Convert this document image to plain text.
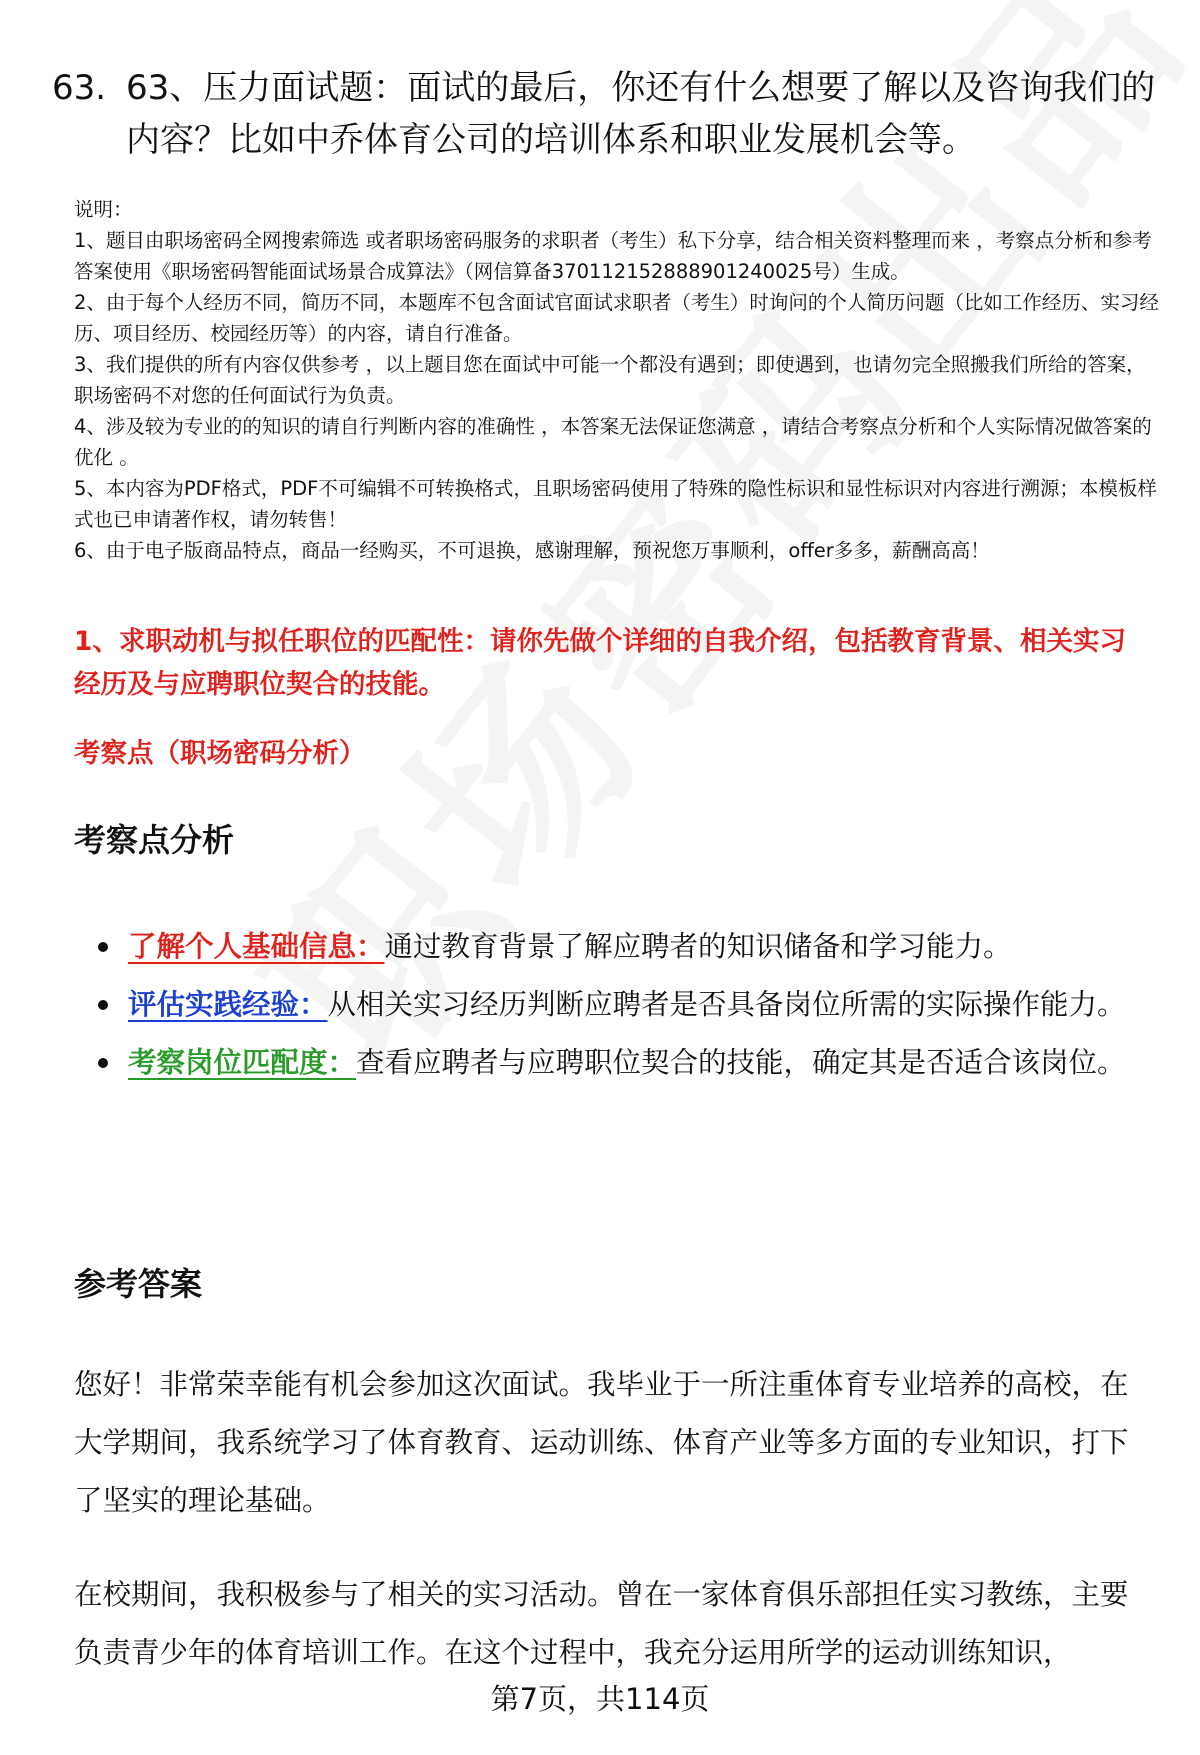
63. 63、压力面试题：面试的最后，你还有什么想要了解以及咨询我们的内容？比如中乔体育公司的培训体系和职业发展机会等。

说明：

1、题目由职场密码全网搜索筛选 或者职场密码服务的求职者（考生）私下分享，结合相关资料整理而来 ，考察点分析和参考答案使用《职场密码智能面试场景合成算法》（网信算备370112152888901240025号）生成。

2、由于每个人经历不同，简历不同，本题库不包含面试官面试求职者（考生）时询问的个人简历问题（比如工作经历、实习经历、项目经历、校园经历等）的内容，请自行准备。

3、我们提供的所有内容仅供参考 ，以上题目您在面试中可能一个都没有遇到；即使遇到，也请勿完全照搬我们所给的答案，职场密码不对您的任何面试行为负责。

4、涉及较为专业的的知识的请自行判断内容的准确性 ，本答案无法保证您满意 ，请结合考察点分析和个人实际情况做答案的优化 。

5、本内容为PDF格式，PDF不可编辑不可转换格式，且职场密码使用了特殊的隐性标识和显性标识对内容进行溯源；本模板样式也已申请著作权，请勿转售！

6、由于电子版商品特点，商品一经购买，不可退换，感谢理解，预祝您万事顺利，offer多多，薪酬高高！

1、求职动机与拟任职位的匹配性：请你先做个详细的自我介绍，包括教育背景、相关实习经历及与应聘职位契合的技能。
考察点（职场密码分析）
考察点分析
了解个人基础信息：通过教育背景了解应聘者的知识储备和学习能力。
评估实践经验：从相关实习经历判断应聘者是否具备岗位所需的实际操作能力。
考察岗位匹配度：查看应聘者与应聘职位契合的技能，确定其是否适合该岗位。
参考答案

您好！非常荣幸能有机会参加这次面试。我毕业于一所注重体育专业培养的高校，在大学期间，我系统学习了体育教育、运动训练、体育产业等多方面的专业知识，打下了坚实的理论基础。

在校期间，我积极参与了相关的实习活动。曾在一家体育俱乐部担任实习教练，主要负责青少年的体育培训工作。在这个过程中，我充分运用所学的运动训练知识，

第7页，共114页
